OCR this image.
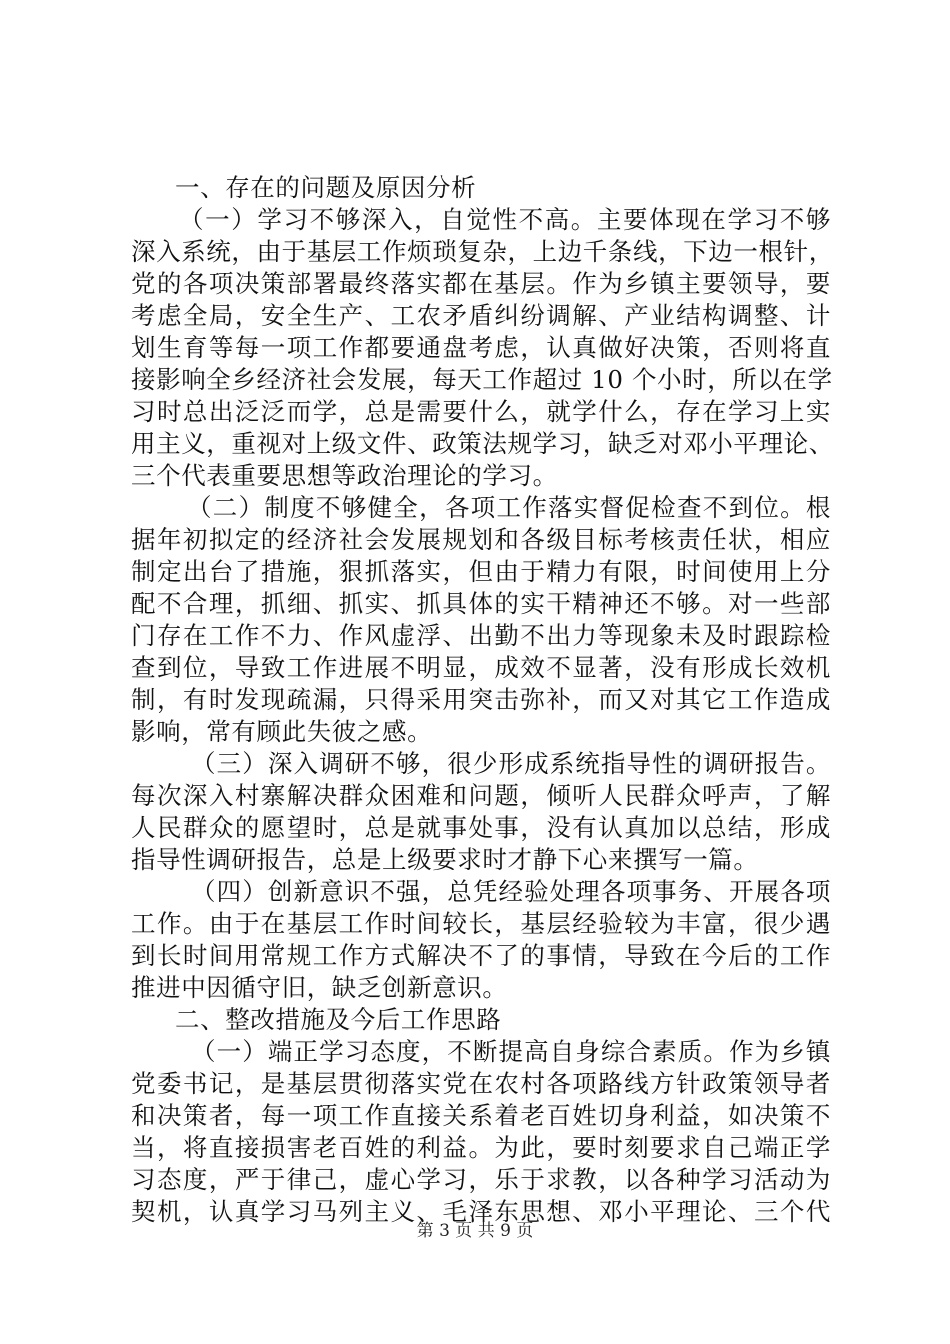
一、存在的问题及原因分析
（一）学习不够深入，自觉性不高。主要体现在学习不够
深入系统，由于基层工作烦琐复杂，上边千条线，下边一根针，
党的各项决策部署最终落实都在基层。作为乡镇主要领导，要
考虑全局，安全生产、工农矛盾纠纷调解、产业结构调整、计
划生育等每一项工作都要通盘考虑，认真做好决策，否则将直
接影响全乡经济社会发展，每天工作超过 10 个小时，所以在学
习时总出泛泛而学，总是需要什么，就学什么，存在学习上实
用主义，重视对上级文件、政策法规学习，缺乏对邓小平理论、
三个代表重要思想等政治理论的学习。
（二）制度不够健全，各项工作落实督促检查不到位。根
据年初拟定的经济社会发展规划和各级目标考核责任状，相应
制定出台了措施，狠抓落实，但由于精力有限，时间使用上分
配不合理，抓细、抓实、抓具体的实干精神还不够。对一些部
门存在工作不力、作风虚浮、出勤不出力等现象未及时跟踪检
查到位，导致工作进展不明显，成效不显著，没有形成长效机
制，有时发现疏漏，只得采用突击弥补，而又对其它工作造成
影响，常有顾此失彼之感。
（三）深入调研不够，很少形成系统指导性的调研报告。
每次深入村寨解决群众困难和问题，倾听人民群众呼声，了解
人民群众的愿望时，总是就事处事，没有认真加以总结，形成
指导性调研报告，总是上级要求时才静下心来撰写一篇。
（四）创新意识不强，总凭经验处理各项事务、开展各项
工作。由于在基层工作时间较长，基层经验较为丰富，很少遇
到长时间用常规工作方式解决不了的事情，导致在今后的工作
推进中因循守旧，缺乏创新意识。
二、整改措施及今后工作思路
（一）端正学习态度，不断提高自身综合素质。作为乡镇
党委书记，是基层贯彻落实党在农村各项路线方针政策领导者
和决策者，每一项工作直接关系着老百姓切身利益，如决策不
当，将直接损害老百姓的利益。为此，要时刻要求自己端正学
习态度，严于律己，虚心学习，乐于求教，以各种学习活动为
契机，认真学习马列主义、毛泽东思想、邓小平理论、三个代
第 3 页 共 9 页
